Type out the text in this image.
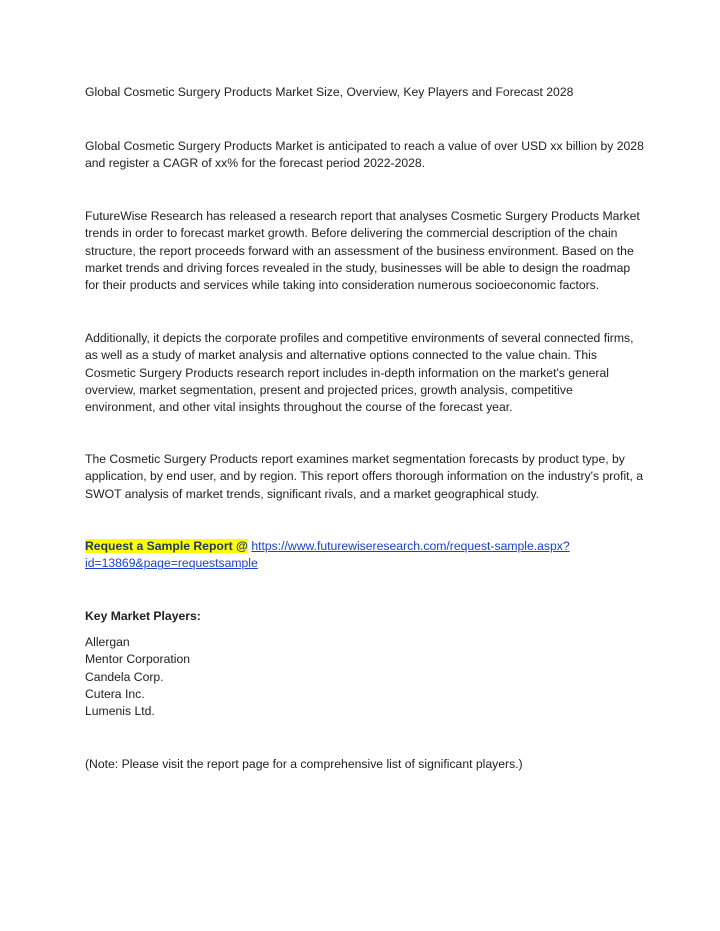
Global Cosmetic Surgery Products Market Size, Overview, Key Players and Forecast 2028

Global Cosmetic Surgery Products Market is anticipated to reach a value of over USD xx billion by 2028 and register a CAGR of xx% for the forecast period 2022-2028.

FutureWise Research has released a research report that analyses Cosmetic Surgery Products Market trends in order to forecast market growth. Before delivering the commercial description of the chain structure, the report proceeds forward with an assessment of the business environment. Based on the market trends and driving forces revealed in the study, businesses will be able to design the roadmap for their products and services while taking into consideration numerous socioeconomic factors.

Additionally, it depicts the corporate profiles and competitive environments of several connected firms, as well as a study of market analysis and alternative options connected to the value chain. This Cosmetic Surgery Products research report includes in-depth information on the market's general overview, market segmentation, present and projected prices, growth analysis, competitive environment, and other vital insights throughout the course of the forecast year.

The Cosmetic Surgery Products report examines market segmentation forecasts by product type, by application, by end user, and by region. This report offers thorough information on the industry's profit, a SWOT analysis of market trends, significant rivals, and a market geographical study.

Request a Sample Report @ https://www.futurewiseresearch.com/request-sample.aspx?id=13869&page=requestsample

Key Market Players:

Allergan
Mentor Corporation
Candela Corp.
Cutera Inc.
Lumenis Ltd.

(Note: Please visit the report page for a comprehensive list of significant players.)
